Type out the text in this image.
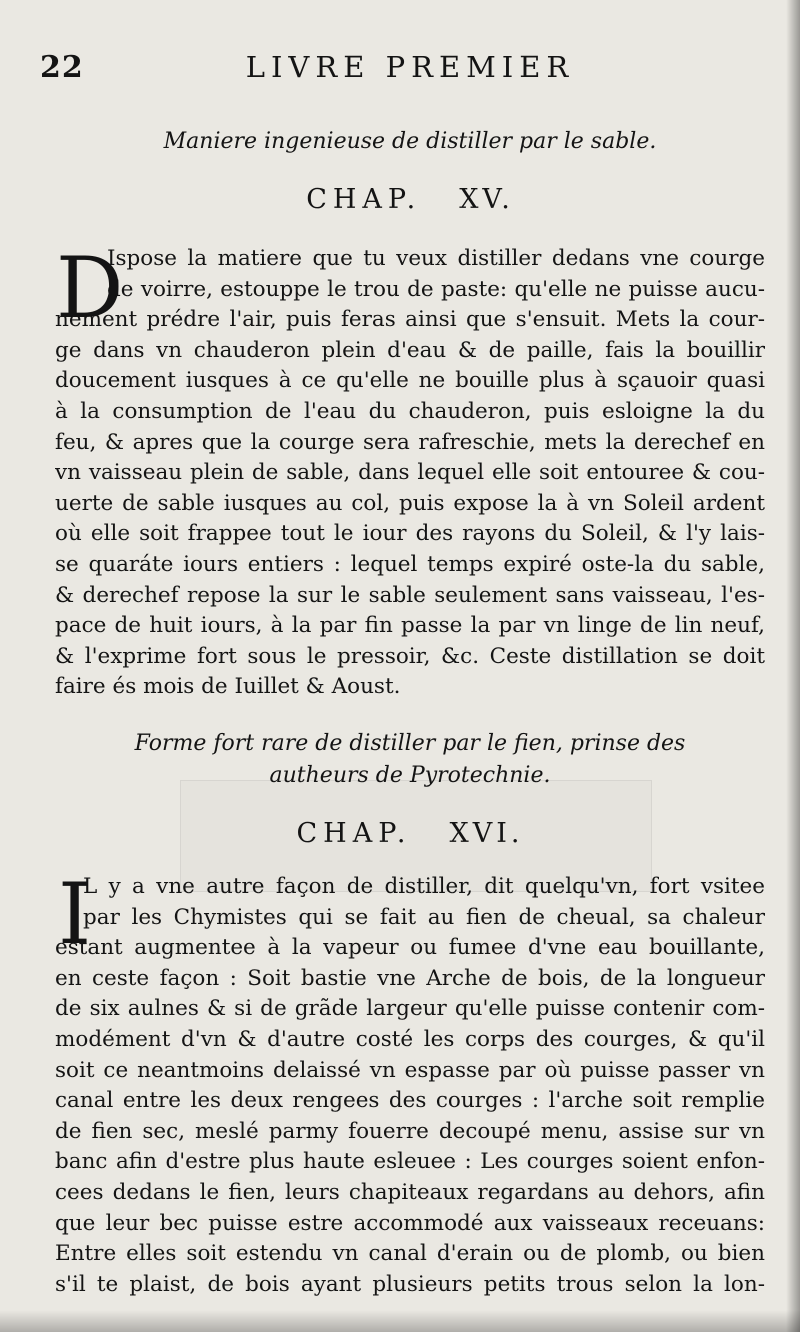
22	LIVRE PREMIER
Maniere ingenieuse de distiller par le sable.
CHAP. XV.
D
Ispose la matiere que tu veux distiller dedans vne courge
de voirre, estouppe le trou de paste: qu'elle ne puisse aucu-
nement prédre l'air, puis feras ainsi que s'ensuit. Mets la cour-
ge dans vn chauderon plein d'eau & de paille, fais la bouillir
doucement iusques à ce qu'elle ne bouille plus à sçauoir quasi
à la consumption de l'eau du chauderon, puis esloigne la du
feu, & apres que la courge sera rafreschie, mets la derechef en
vn vaisseau plein de sable, dans lequel elle soit entouree & cou-
uerte de sable iusques au col, puis expose la à vn Soleil ardent
où elle soit frappee tout le iour des rayons du Soleil, & l'y lais-
se quaráte iours entiers : lequel temps expiré oste-la du sable,
& derechef repose la sur le sable seulement sans vaisseau, l'es-
pace de huit iours, à la par fin passe la par vn linge de lin neuf,
& l'exprime fort sous le pressoir, &c. Ceste distillation se doit
faire és mois de Iuillet & Aoust.
Forme fort rare de distiller par le fien, prinse des
autheurs de Pyrotechnie.
CHAP. XVI.
I
L y a vne autre façon de distiller, dit quelqu'vn, fort vsitee
par les Chymistes qui se fait au fien de cheual, sa chaleur
estant augmentee à la vapeur ou fumee d'vne eau bouillante,
en ceste façon : Soit bastie vne Arche de bois, de la longueur
de six aulnes & si de grãde largeur qu'elle puisse contenir com-
modément d'vn & d'autre costé les corps des courges, & qu'il
soit ce neantmoins delaissé vn espasse par où puisse passer vn
canal entre les deux rengees des courges : l'arche soit remplie
de fien sec, meslé parmy fouerre decoupé menu, assise sur vn
banc afin d'estre plus haute esleuee : Les courges soient enfon-
cees dedans le fien, leurs chapiteaux regardans au dehors, afin
que leur bec puisse estre accommodé aux vaisseaux receuans:
Entre elles soit estendu vn canal d'erain ou de plomb, ou bien
s'il te plaist, de bois ayant plusieurs petits trous selon la lon-
